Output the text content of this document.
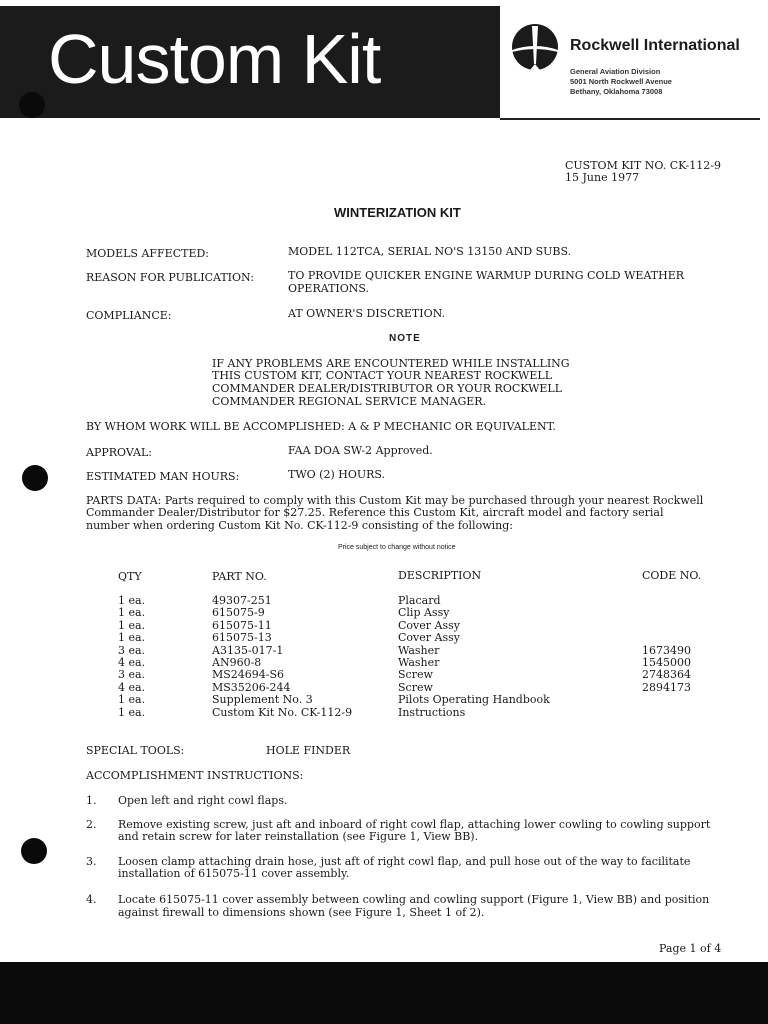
Custom Kit	Rockwell International
General Aviation Division
5001 North Rockwell Avenue
Bethany, Oklahoma 73008
CUSTOM KIT NO. CK-112-9
15 June 1977
WINTERIZATION KIT
MODELS AFFECTED:	MODEL 112TCA, SERIAL NO'S 13150 AND SUBS.
REASON FOR PUBLICATION:	TO PROVIDE QUICKER ENGINE WARMUP DURING COLD WEATHER
OPERATIONS.
COMPLIANCE:	AT OWNER'S DISCRETION.
NOTE
IF ANY PROBLEMS ARE ENCOUNTERED WHILE INSTALLING
THIS CUSTOM KIT, CONTACT YOUR NEAREST ROCKWELL
COMMANDER DEALER/DISTRIBUTOR OR YOUR ROCKWELL
COMMANDER REGIONAL SERVICE MANAGER.
BY WHOM WORK WILL BE ACCOMPLISHED: A & P MECHANIC OR EQUIVALENT.
APPROVAL:	FAA DOA SW-2 Approved.
ESTIMATED MAN HOURS:	TWO (2) HOURS.
PARTS DATA: Parts required to comply with this Custom Kit may be purchased through your nearest Rockwell
Commander Dealer/Distributor for $27.25. Reference this Custom Kit, aircraft model and factory serial
number when ordering Custom Kit No. CK-112-9 consisting of the following:
Price subject to change without notice
QTY	PART NO.	DESCRIPTION	CODE NO.
1 ea.	49307-251	Placard
1 ea.	615075-9	Clip Assy
1 ea.	615075-11	Cover Assy
1 ea.	615075-13	Cover Assy
3 ea.	A3135-017-1	Washer	1673490
4 ea.	AN960-8	Washer	1545000
3 ea.	MS24694-S6	Screw	2748364
4 ea.	MS35206-244	Screw	2894173
1 ea.	Supplement No. 3	Pilots Operating Handbook
1 ea.	Custom Kit No. CK-112-9	Instructions
SPECIAL TOOLS:	HOLE FINDER
ACCOMPLISHMENT INSTRUCTIONS:
1. Open left and right cowl flaps.
2. Remove existing screw, just aft and inboard of right cowl flap, attaching lower cowling to cowling support
and retain screw for later reinstallation (see Figure 1, View BB).
3. Loosen clamp attaching drain hose, just aft of right cowl flap, and pull hose out of the way to facilitate
installation of 615075-11 cover assembly.
4. Locate 615075-11 cover assembly between cowling and cowling support (Figure 1, View BB) and position
against firewall to dimensions shown (see Figure 1, Sheet 1 of 2).
Page 1 of 4
